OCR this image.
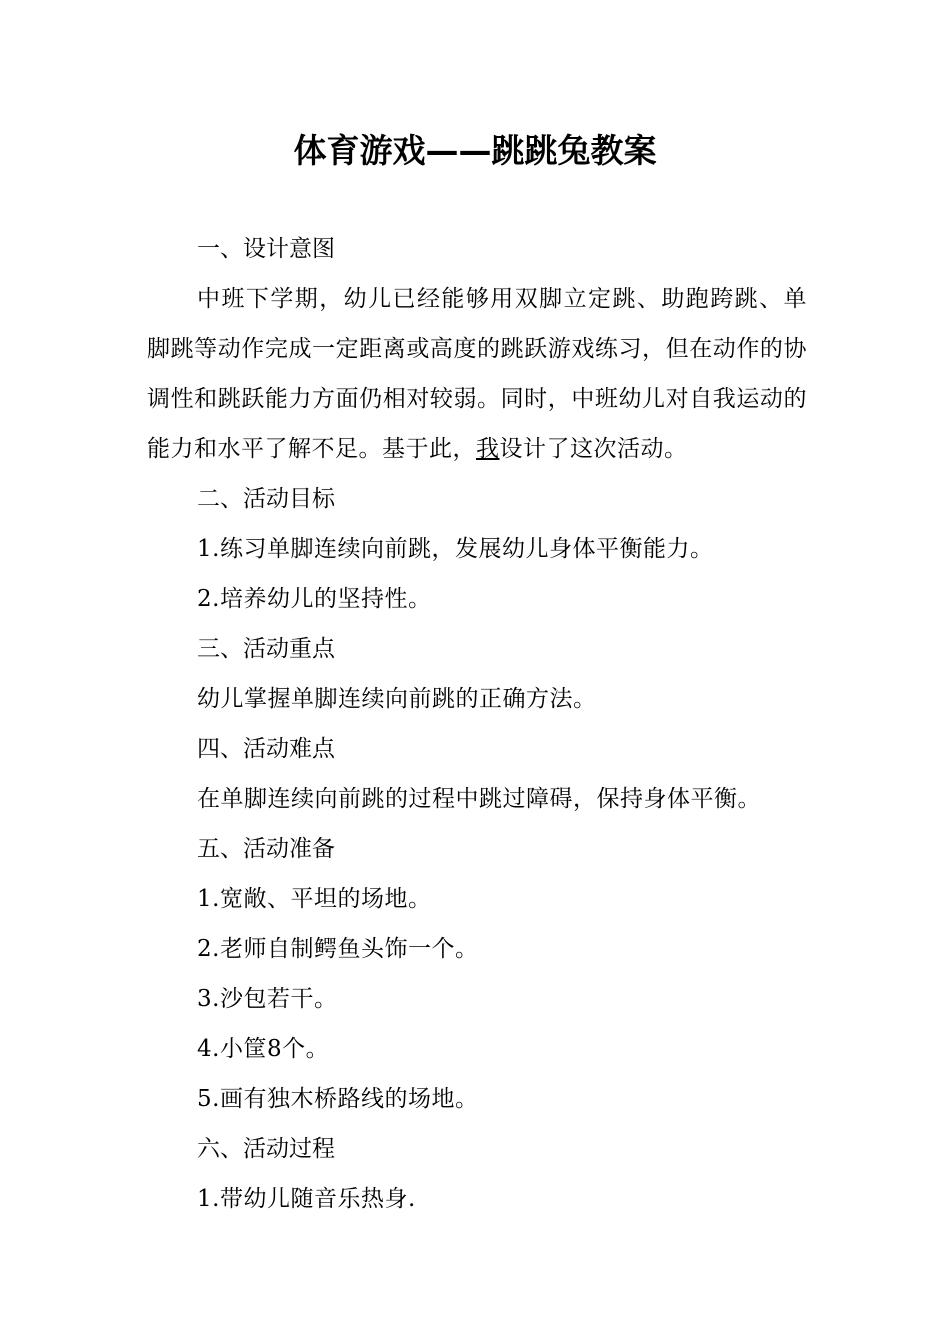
体育游戏——跳跳兔教案
一、设计意图

中班下学期，幼儿已经能够用双脚立定跳、助跑跨跳、单脚跳等动作完成一定距离或高度的跳跃游戏练习，但在动作的协调性和跳跃能力方面仍相对较弱。同时，中班幼儿对自我运动的能力和水平了解不足。基于此，我设计了这次活动。

二、活动目标

1.练习单脚连续向前跳，发展幼儿身体平衡能力。

2.培养幼儿的坚持性。

三、活动重点

幼儿掌握单脚连续向前跳的正确方法。

四、活动难点

在单脚连续向前跳的过程中跳过障碍，保持身体平衡。

五、活动准备

1.宽敞、平坦的场地。

2.老师自制鳄鱼头饰一个。

3.沙包若干。

4.小筐8个。

5.画有独木桥路线的场地。

六、活动过程

1.带幼儿随音乐热身.
